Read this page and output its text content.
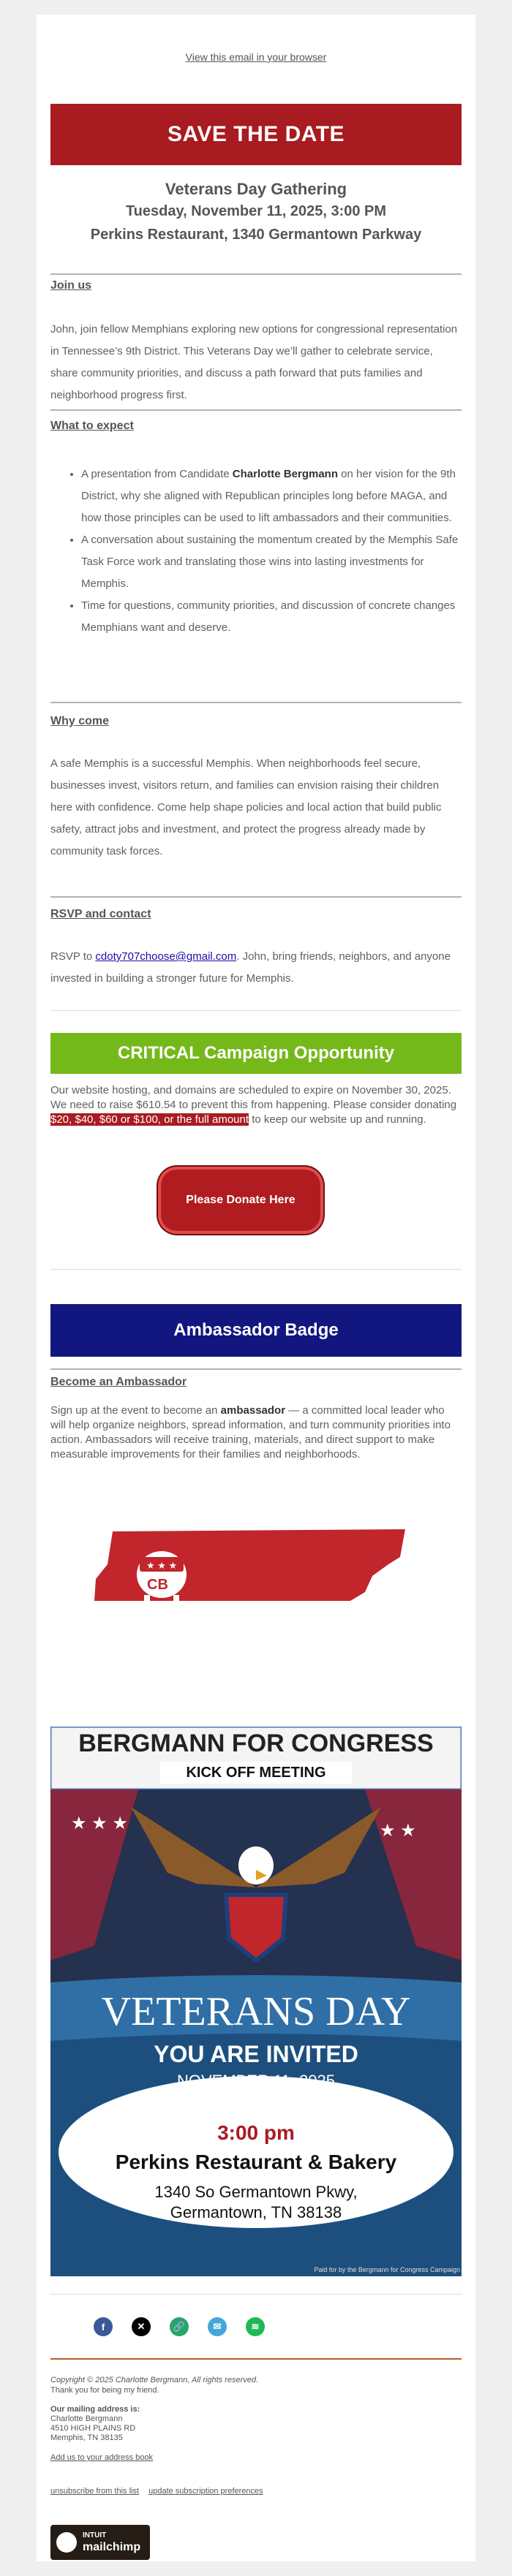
View this email in your browser
SAVE THE DATE
Veterans Day Gathering
Tuesday, November 11, 2025, 3:00 PM
Perkins Restaurant, 1340 Germantown Parkway
Join us
John, join fellow Memphians exploring new options for congressional representation in Tennessee’s 9th District. This Veterans Day we’ll gather to celebrate service, share community priorities, and discuss a path forward that puts families and neighborhood progress first.
What to expect
• A presentation from Candidate Charlotte Bergmann on her vision for the 9th District, why she aligned with Republican principles long before MAGA, and how those principles can be used to lift ambassadors and their communities.
• A conversation about sustaining the momentum created by the Memphis Safe Task Force work and translating those wins into lasting investments for Memphis.
• Time for questions, community priorities, and discussion of concrete changes Memphians want and deserve.
Why come
A safe Memphis is a successful Memphis. When neighborhoods feel secure, businesses invest, visitors return, and families can envision raising their children here with confidence. Come help shape policies and local action that build public safety, attract jobs and investment, and protect the progress already made by community task forces.
RSVP and contact
RSVP to cdoty707choose@gmail.com. John, bring friends, neighbors, and anyone invested in building a stronger future for Memphis.
CRITICAL Campaign Opportunity
Our website hosting, and domains are scheduled to expire on November 30, 2025. We need to raise $610.54 to prevent this from happening. Please consider donating $20, $40, $60 or $100, or the full amount to keep our website up and running.
Please Donate Here
Ambassador Badge
Become an Ambassador
Sign up at the event to become an ambassador — a committed local leader who will help organize neighbors, spread information, and turn community priorities into action. Ambassadors will receive training, materials, and direct support to make measurable improvements for their families and neighborhoods.
★ ★ ★
CB
★ ★ ★	★ ★
BERGMANN FOR CONGRESS
KICK OFF MEETING
VETERANS DAY
YOU ARE INVITED
NOVEMBER 11, 2025
3:00 pm
Perkins Restaurant & Bakery
1340 So Germantown Pkwy,
Germantown, TN 38138
Paid for by the Bergmann for Congress Campaign
f	✕	🔗	✉	≋
Copyright © 2025 Charlotte Bergmann, All rights reserved.
Thank you for being my friend.
Our mailing address is:
Charlotte Bergmann
4510 HIGH PLAINS RD
Memphis, TN 38135
Add us to your address book
unsubscribe from this list update subscription preferences
INTUIT
mailchimp
